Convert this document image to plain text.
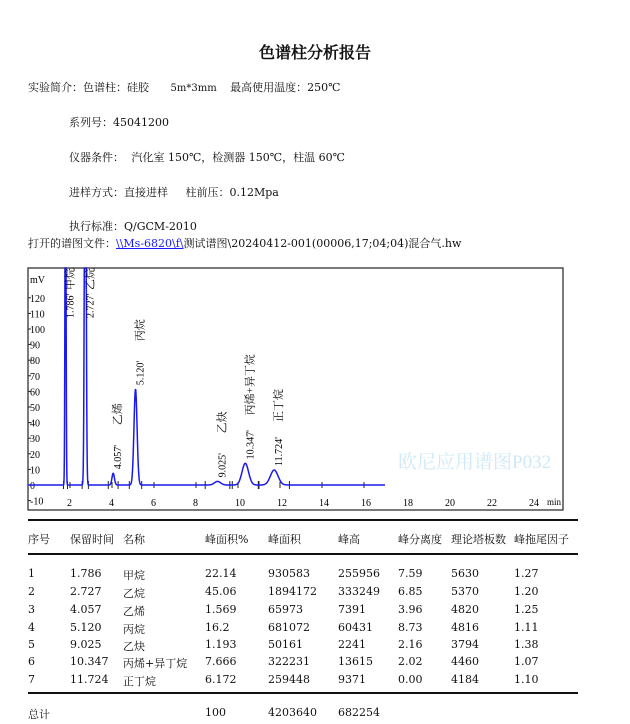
色谱柱分析报告
实验简介：色谱柱：硅胶 5m*3mm 最高使用温度：250℃
系列号：45041200
仪器条件： 汽化室 150℃，检测器 150℃，柱温 60℃
进样方式：直接进样 柱前压：0.12Mpa
执行标准：Q/GCM-2010
打开的谱图文件：\\Ms-6820\f\测试谱图\20240412-001(00006,17;04;04)混合气.hw
欧尼应用谱图P032
mV
120
110
100
90
80
70
60
50
40
30
20
10
0
-10 2	4	6	8	10	12	14	16	18	20	22	24 min
1.786'
甲烷
2.727'
乙烷
4.057'
乙烯
5.120'
丙烷
9.025'
乙炔
10.347'
丙烯+异丁烷
11.724'
正丁烷
序号 保留时间 名称	峰面积% 峰面积	峰高	峰分离度 理论塔板数 峰拖尾因子
1	1.786 甲烷	22.14	930583	255956 7.59	5630	1.27
2	2.727 乙烷	45.06	1894172 333249 6.85	5370	1.20
3	4.057 乙烯	1.569	65973	7391	3.96	4820	1.25
4	5.120 丙烷	16.2	681072	60431 8.73	4816	1.11
5	9.025 乙炔	1.193	50161	2241	2.16	3794	1.38
6	10.347 丙烯+异丁烷 7.666	322231	13615 2.02	4460	1.07
7	11.724 正丁烷	6.172	259448	9371	0.00	4184	1.10
总计	100	4203640 682254
